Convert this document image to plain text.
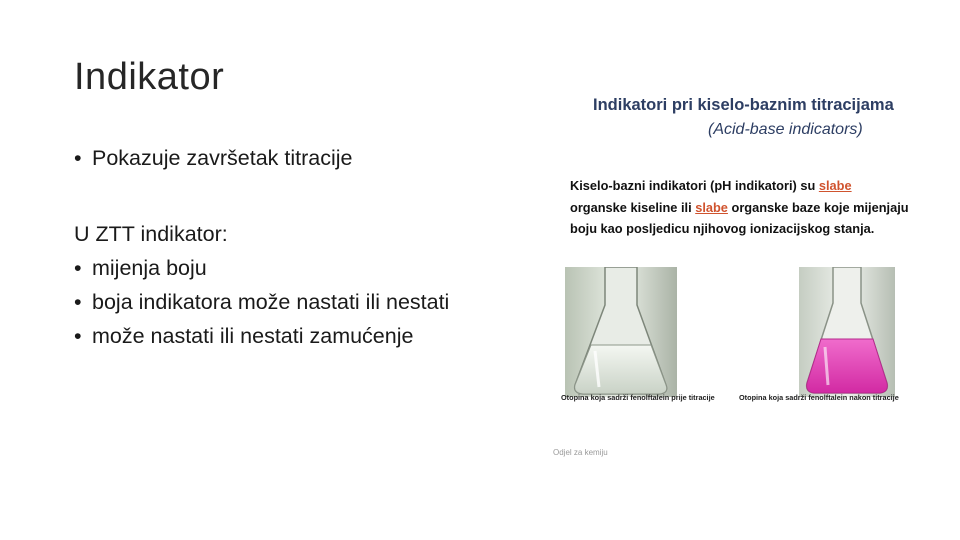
Indikator
• Pokazuje završetak titracije
U ZTT indikator:
• mijenja boju
• boja indikatora može nastati ili nestati
• može nastati ili nestati zamućenje
Indikatori pri kiselo-baznim titracijama
(Acid-base indicators)
Kiselo-bazni indikatori (pH indikatori) su slabe organske kiseline ili slabe organske baze koje mijenjaju boju kao posljedicu njihovog ionizacijskog stanja.
Otopina koja sadrži fenolftalein prije titracije	Otopina koja sadrži fenolftalein nakon titracije
Odjel za kemiju
